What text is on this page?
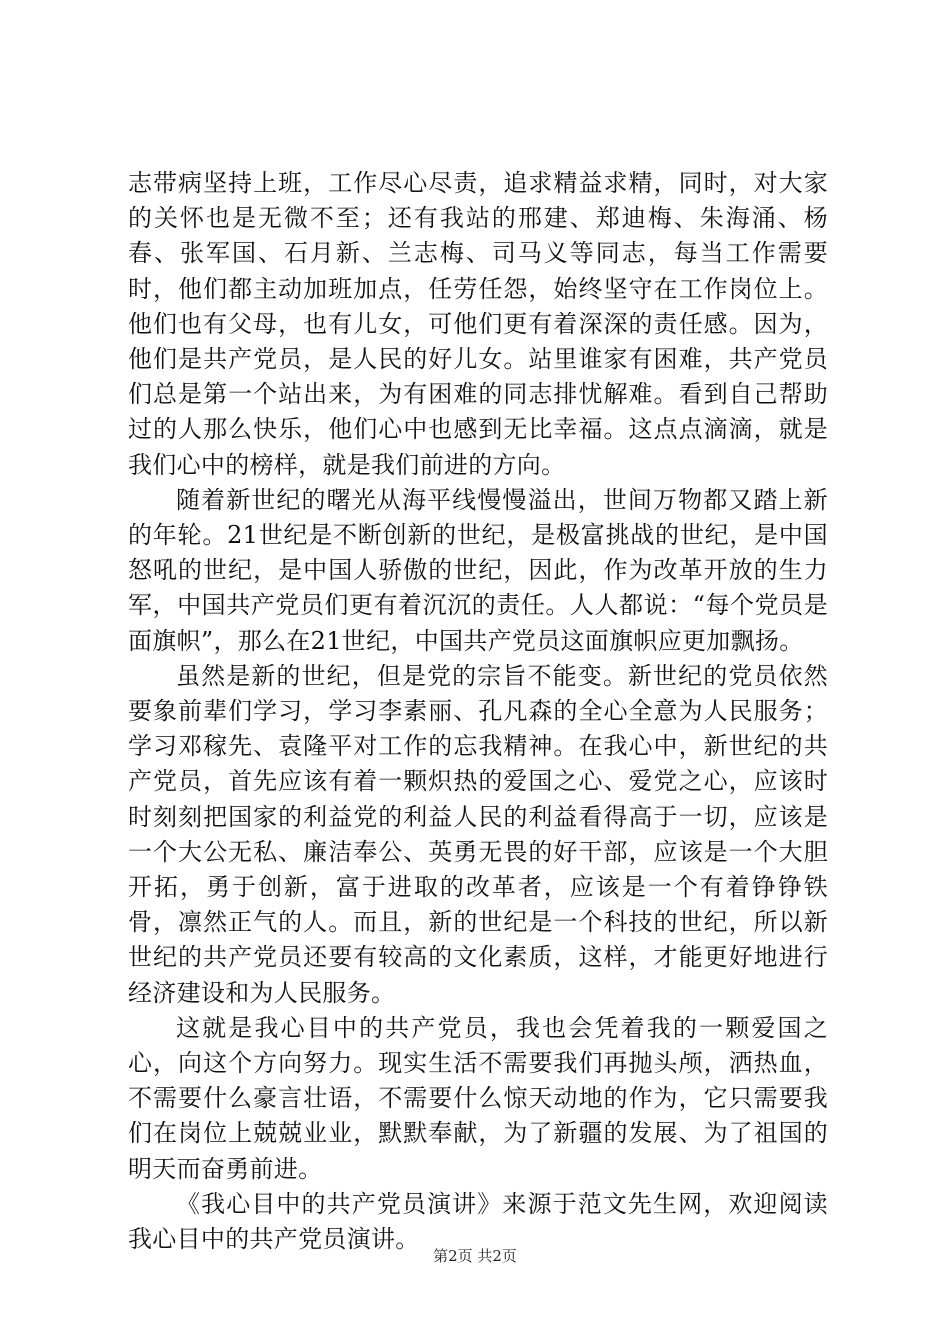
志带病坚持上班，工作尽心尽责，追求精益求精，同时，对大家的关怀也是无微不至；还有我站的邢建、郑迪梅、朱海涌、杨春、张军国、石月新、兰志梅、司马义等同志，每当工作需要时，他们都主动加班加点，任劳任怨，始终坚守在工作岗位上。他们也有父母，也有儿女，可他们更有着深深的责任感。因为，他们是共产党员，是人民的好儿女。站里谁家有困难，共产党员们总是第一个站出来，为有困难的同志排忧解难。看到自己帮助过的人那么快乐，他们心中也感到无比幸福。这点点滴滴，就是我们心中的榜样，就是我们前进的方向。

随着新世纪的曙光从海平线慢慢溢出，世间万物都又踏上新的年轮。21世纪是不断创新的世纪，是极富挑战的世纪，是中国怒吼的世纪，是中国人骄傲的世纪，因此，作为改革开放的生力军，中国共产党员们更有着沉沉的责任。人人都说：“每个党员是面旗帜”，那么在21世纪，中国共产党员这面旗帜应更加飘扬。

虽然是新的世纪，但是党的宗旨不能变。新世纪的党员依然要象前辈们学习，学习李素丽、孔凡森的全心全意为人民服务；学习邓稼先、袁隆平对工作的忘我精神。在我心中，新世纪的共产党员，首先应该有着一颗炽热的爱国之心、爱党之心，应该时时刻刻把国家的利益党的利益人民的利益看得高于一切，应该是一个大公无私、廉洁奉公、英勇无畏的好干部，应该是一个大胆开拓，勇于创新，富于进取的改革者，应该是一个有着铮铮铁骨，凛然正气的人。而且，新的世纪是一个科技的世纪，所以新世纪的共产党员还要有较高的文化素质，这样，才能更好地进行经济建设和为人民服务。

这就是我心目中的共产党员，我也会凭着我的一颗爱国之心，向这个方向努力。现实生活不需要我们再抛头颅，洒热血，不需要什么豪言壮语，不需要什么惊天动地的作为，它只需要我们在岗位上兢兢业业，默默奉献，为了新疆的发展、为了祖国的明天而奋勇前进。

《我心目中的共产党员演讲》来源于范文先生网，欢迎阅读我心目中的共产党员演讲。

第2页 共2页
